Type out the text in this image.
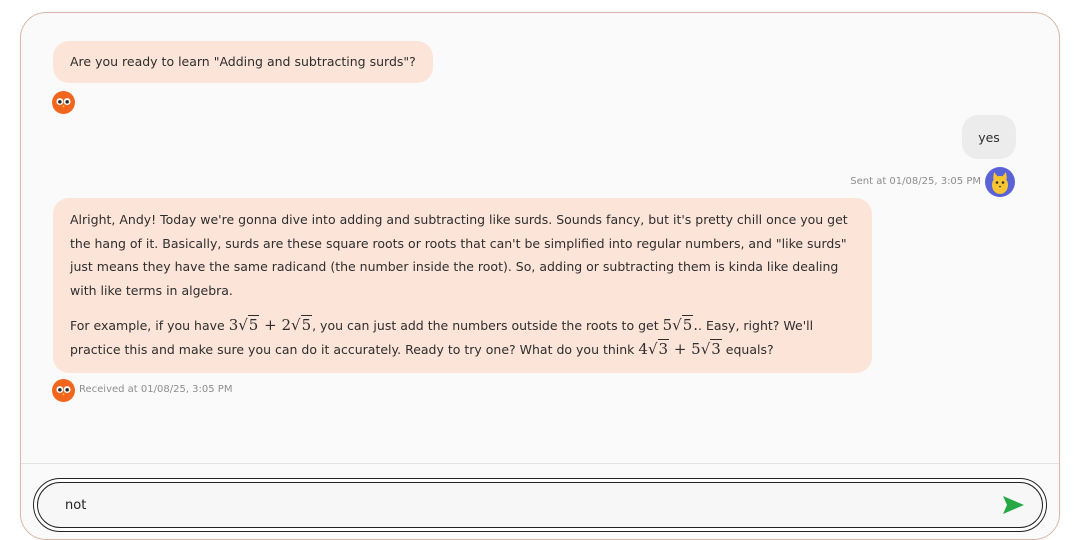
Are you ready to learn "Adding and subtracting surds"?
yes
Sent at 01/08/25, 3:05 PM

Alright, Andy! Today we're gonna dive into adding and subtracting like surds. Sounds fancy, but it's pretty chill once you get the hang of it. Basically, surds are these square roots or roots that can't be simplified into regular numbers, and "like surds" just means they have the same radicand (the number inside the root). So, adding or subtracting them is kinda like dealing with like terms in algebra.

For example, if you have 3√5 + 2√5, you can just add the numbers outside the roots to get 5√5.. Easy, right? We'll practice this and make sure you can do it accurately. Ready to try one? What do you think 4√3 + 5√3 equals?

Received at 01/08/25, 3:05 PM
not
